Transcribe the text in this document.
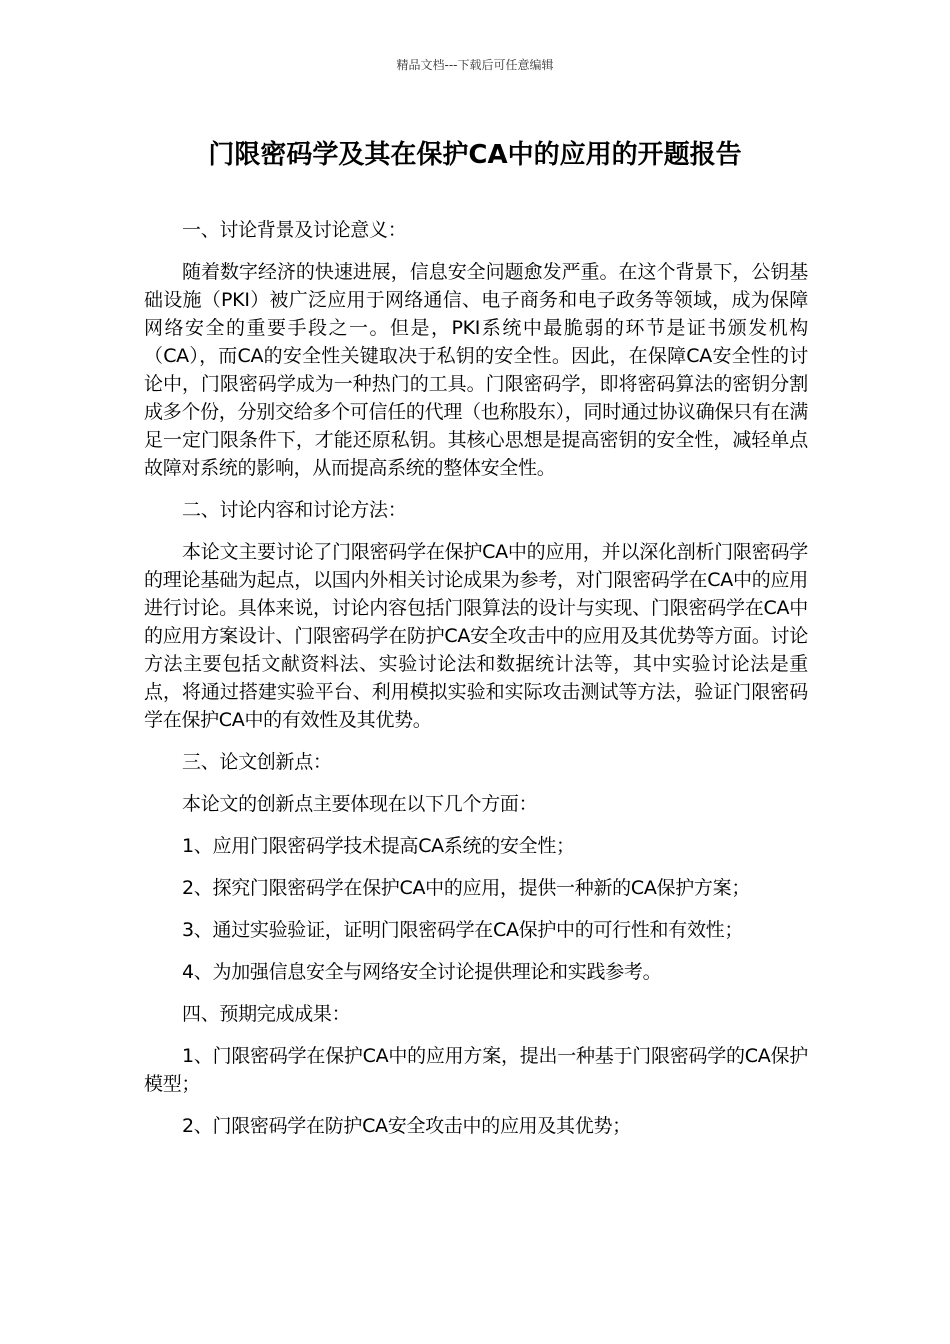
精品文档---下载后可任意编辑
门限密码学及其在保护CA中的应用的开题报告

一、讨论背景及讨论意义：

随着数字经济的快速进展，信息安全问题愈发严重。在这个背景下，公钥基础设施（PKI）被广泛应用于网络通信、电子商务和电子政务等领域，成为保障网络安全的重要手段之一。但是，PKI系统中最脆弱的环节是证书颁发机构（CA），而CA的安全性关键取决于私钥的安全性。因此，在保障CA安全性的讨论中，门限密码学成为一种热门的工具。门限密码学，即将密码算法的密钥分割成多个份，分别交给多个可信任的代理（也称股东），同时通过协议确保只有在满足一定门限条件下，才能还原私钥。其核心思想是提高密钥的安全性，减轻单点故障对系统的影响，从而提高系统的整体安全性。

二、讨论内容和讨论方法：

本论文主要讨论了门限密码学在保护CA中的应用，并以深化剖析门限密码学的理论基础为起点，以国内外相关讨论成果为参考，对门限密码学在CA中的应用进行讨论。具体来说，讨论内容包括门限算法的设计与实现、门限密码学在CA中的应用方案设计、门限密码学在防护CA安全攻击中的应用及其优势等方面。讨论方法主要包括文献资料法、实验讨论法和数据统计法等，其中实验讨论法是重点，将通过搭建实验平台、利用模拟实验和实际攻击测试等方法，验证门限密码学在保护CA中的有效性及其优势。

三、论文创新点：

本论文的创新点主要体现在以下几个方面：

1、应用门限密码学技术提高CA系统的安全性；

2、探究门限密码学在保护CA中的应用，提供一种新的CA保护方案；

3、通过实验验证，证明门限密码学在CA保护中的可行性和有效性；

4、为加强信息安全与网络安全讨论提供理论和实践参考。

四、预期完成成果：

1、门限密码学在保护CA中的应用方案，提出一种基于门限密码学的CA保护模型；

2、门限密码学在防护CA安全攻击中的应用及其优势；
